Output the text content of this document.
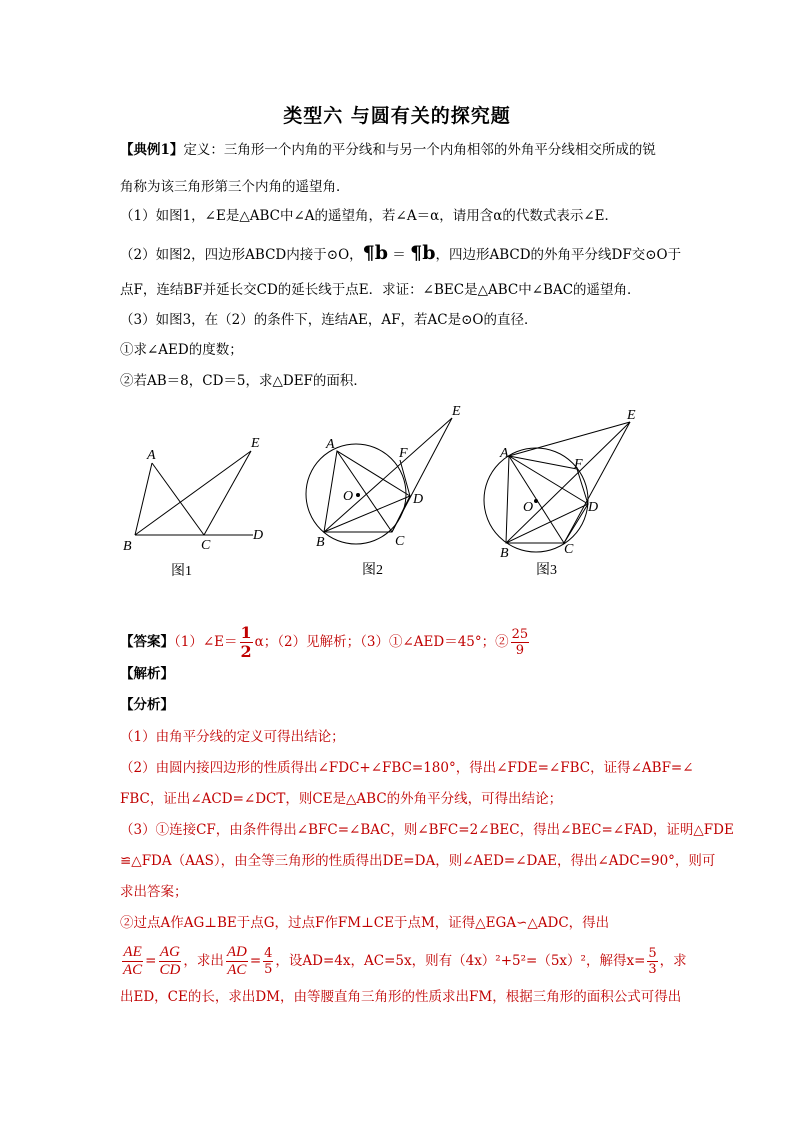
类型六 与圆有关的探究题
【典例1】定义：三角形一个内角的平分线和与另一个内角相邻的外角平分线相交所成的锐
角称为该三角形第三个内角的遥望角．
（1）如图1，∠E是△ABC中∠A的遥望角，若∠A＝α，请用含α的代数式表示∠E．
（2）如图2，四边形ABCD内接于⊙O，¶b ＝ ¶b，四边形ABCD的外角平分线DF交⊙O于
点F，连结BF并延长交CD的延长线于点E．求证：∠BEC是△ABC中∠BAC的遥望角．
（3）如图3，在（2）的条件下，连结AE，AF，若AC是⊙O的直径．
①求∠AED的度数；
②若AB＝8，CD＝5，求△DEF的面积．
A
B	C
D
E
图1
A
B	C
D
E
F
O
图2
A
B	C
D
E
F
O
图3
【答案】（1）∠E＝ $\frac{1}{2}$ α；（2）见解析；（3）①∠AED＝45°；② $\frac{25}{9}$
【解析】
【分析】
（1）由角平分线的定义可得出结论；
（2）由圆内接四边形的性质得出∠FDC+∠FBC=180°，得出∠FDE=∠FBC，证得∠ABF=∠
FBC，证出∠ACD=∠DCT，则CE是△ABC的外角平分线，可得出结论；
（3）①连接CF，由条件得出∠BFC=∠BAC，则∠BFC=2∠BEC，得出∠BEC=∠FAD，证明△FDE
≌△FDA（AAS），由全等三角形的性质得出DE=DA，则∠AED=∠DAE，得出∠ADC=90°，则可
求出答案；
②过点A作AG⊥BE于点G，过点F作FM⊥CE于点M，证得△EGA∽△ADC，得出
$\frac{AE}{AC} = \frac{AG}{CD}$ ，求出 $\frac{AD}{AC} = \frac{4}{5}$ ，设AD=4x，AC=5x，则有（4x）²+5²=（5x）²，解得$x= \frac{5}{3}$ ，求
出ED，CE的长，求出DM，由等腰直角三角形的性质求出FM，根据三角形的面积公式可得出
